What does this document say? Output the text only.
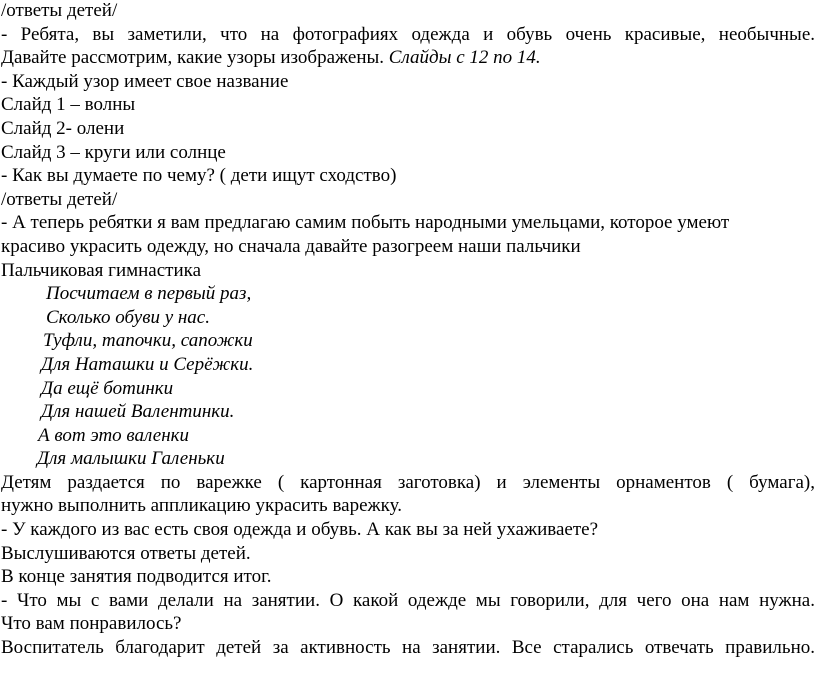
/ответы детей/
- Ребята, вы заметили, что на фотографиях одежда и обувь очень красивые, необычные.
Давайте рассмотрим, какие узоры изображены. Слайды с 12 по 14.
- Каждый узор имеет свое название
Слайд 1 – волны
Слайд 2- олени
Слайд 3 – круги или солнце
- Как вы думаете по чему? ( дети ищут сходство)
/ответы детей/
- А теперь ребятки я вам предлагаю самим побыть народными умельцами, которое умеют
красиво украсить одежду, но сначала давайте разогреем наши пальчики
Пальчиковая гимнастика
Посчитаем в первый раз,
Сколько обуви у нас.
Туфли, тапочки, сапожки
Для Наташки и Серёжки.
Да ещё ботинки
Для нашей Валентинки.
А вот это валенки
Для малышки Галеньки
Детям раздается по варежке ( картонная заготовка) и элементы орнаментов ( бумага),
нужно выполнить аппликацию украсить варежку.
- У каждого из вас есть своя одежда и обувь. А как вы за ней ухаживаете?
Выслушиваются ответы детей.
В конце занятия подводится итог.
- Что мы с вами делали на занятии. О какой одежде мы говорили, для чего она нам нужна.
Что вам понравилось?
Воспитатель благодарит детей за активность на занятии. Все старались отвечать правильно.
